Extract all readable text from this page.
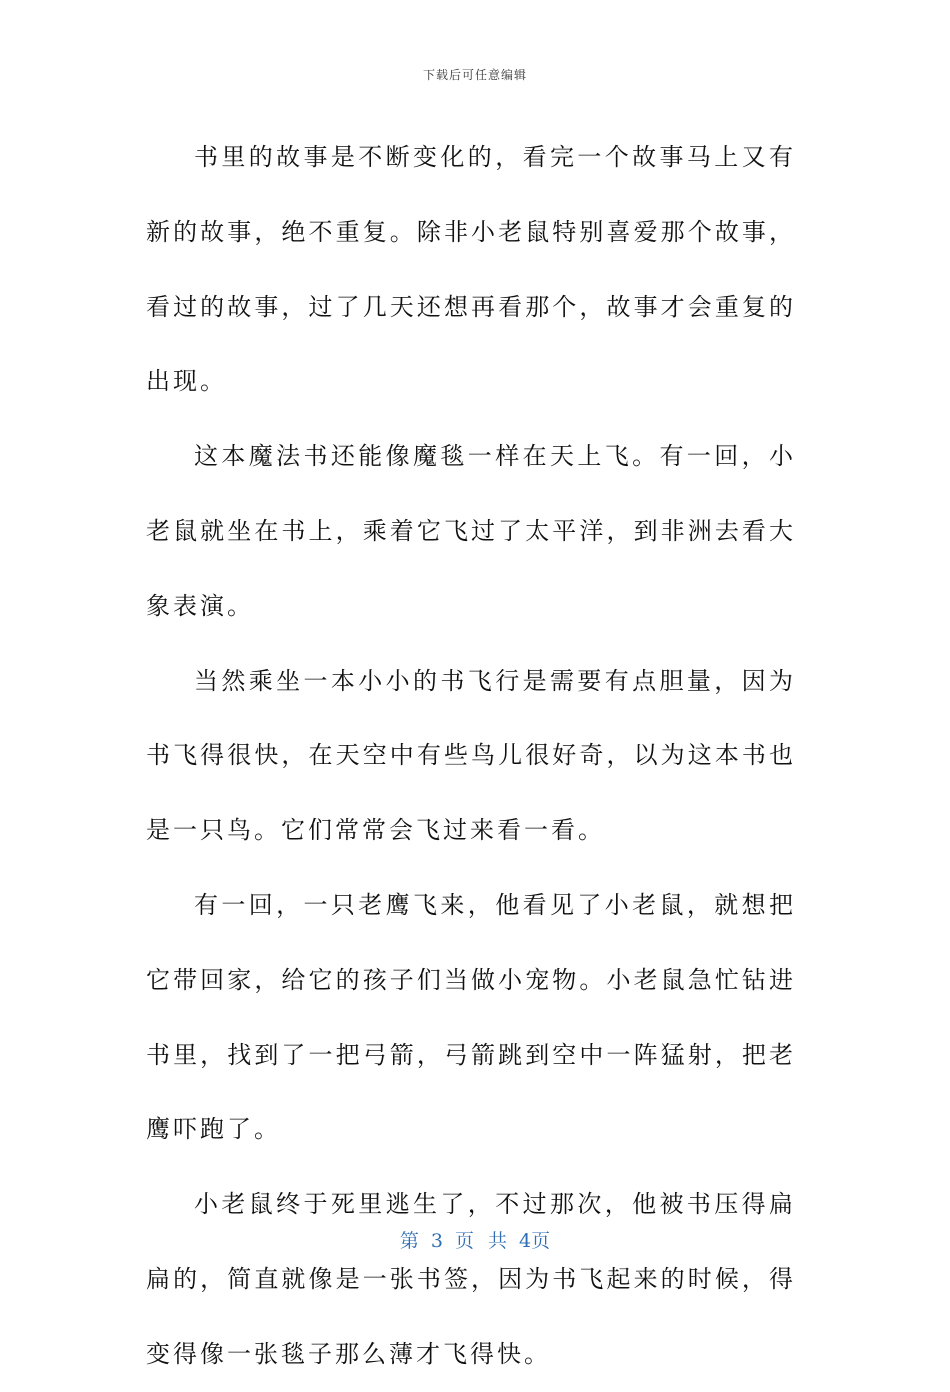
下载后可任意编辑

书里的故事是不断变化的，看完一个故事马上又有新的故事，绝不重复。除非小老鼠特别喜爱那个故事，看过的故事，过了几天还想再看那个，故事才会重复的出现。

这本魔法书还能像魔毯一样在天上飞。有一回，小老鼠就坐在书上，乘着它飞过了太平洋，到非洲去看大象表演。

当然乘坐一本小小的书飞行是需要有点胆量，因为书飞得很快，在天空中有些鸟儿很好奇，以为这本书也是一只鸟。它们常常会飞过来看一看。

有一回，一只老鹰飞来，他看见了小老鼠，就想把它带回家，给它的孩子们当做小宠物。小老鼠急忙钻进书里，找到了一把弓箭，弓箭跳到空中一阵猛射，把老鹰吓跑了。

小老鼠终于死里逃生了，不过那次，他被书压得扁扁的，简直就像是一张书签，因为书飞起来的时候，得变得像一张毯子那么薄才飞得快。

第 3 页 共 4页
